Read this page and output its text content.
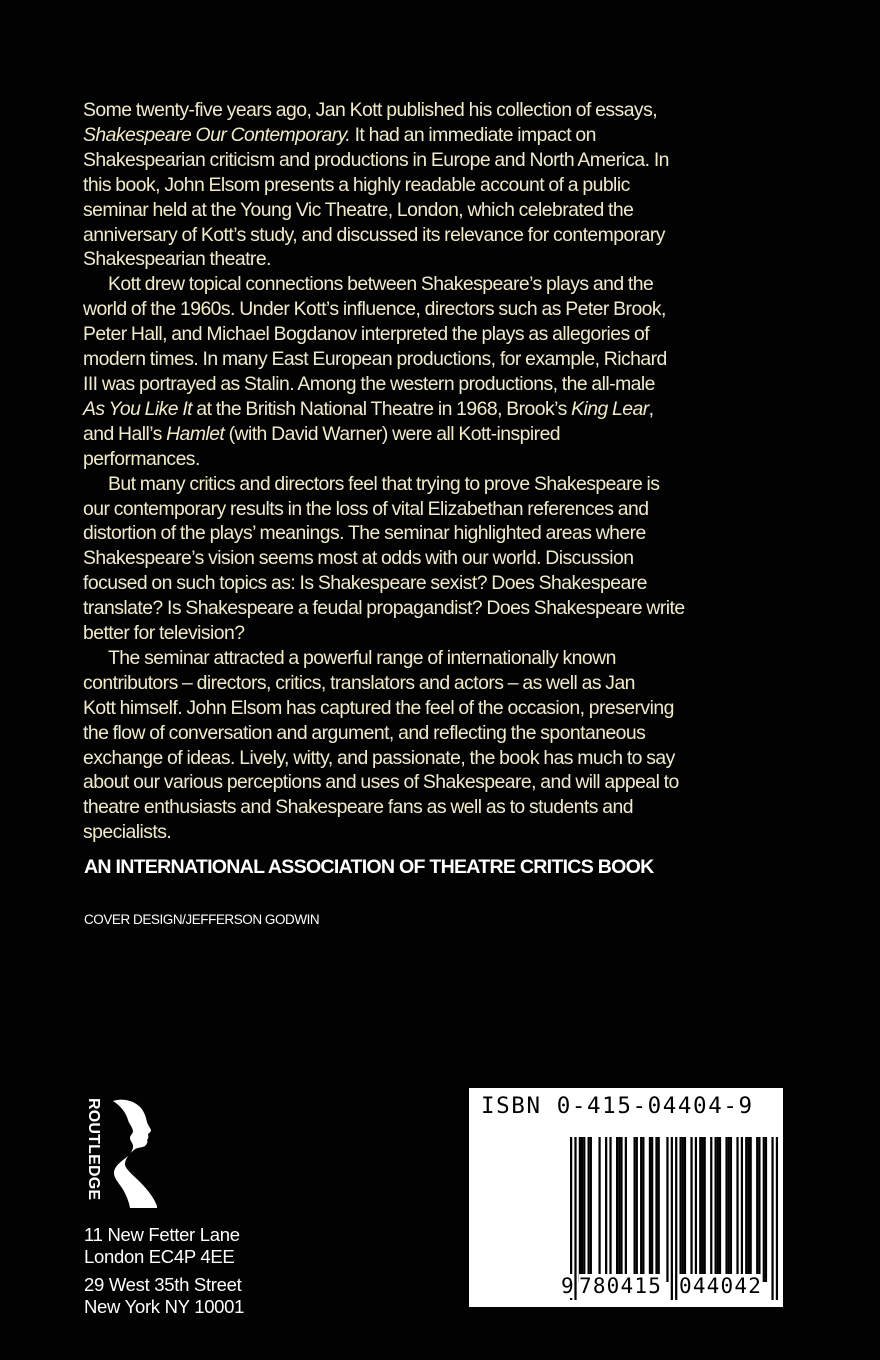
Some twenty-five years ago, Jan Kott published his collection of essays,
Shakespeare Our Contemporary. It had an immediate impact on
Shakespearian criticism and productions in Europe and North America. In
this book, John Elsom presents a highly readable account of a public
seminar held at the Young Vic Theatre, London, which celebrated the
anniversary of Kott’s study, and discussed its relevance for contemporary
Shakespearian theatre.

Kott drew topical connections between Shakespeare’s plays and the
world of the 1960s. Under Kott’s influence, directors such as Peter Brook,
Peter Hall, and Michael Bogdanov interpreted the plays as allegories of
modern times. In many East European productions, for example, Richard
III was portrayed as Stalin. Among the western productions, the all-male
As You Like It at the British National Theatre in 1968, Brook’s King Lear,
and Hall’s Hamlet (with David Warner) were all Kott-inspired
performances.

But many critics and directors feel that trying to prove Shakespeare is
our contemporary results in the loss of vital Elizabethan references and
distortion of the plays’ meanings. The seminar highlighted areas where
Shakespeare’s vision seems most at odds with our world. Discussion
focused on such topics as: Is Shakespeare sexist? Does Shakespeare
translate? Is Shakespeare a feudal propagandist? Does Shakespeare write
better for television?

The seminar attracted a powerful range of internationally known
contributors – directors, critics, translators and actors – as well as Jan
Kott himself. John Elsom has captured the feel of the occasion, preserving
the flow of conversation and argument, and reflecting the spontaneous
exchange of ideas. Lively, witty, and passionate, the book has much to say
about our various perceptions and uses of Shakespeare, and will appeal to
theatre enthusiasts and Shakespeare fans as well as to students and
specialists.

AN INTERNATIONAL ASSOCIATION OF THEATRE CRITICS BOOK
COVER DESIGN/JEFFERSON GODWIN
ROUTLEDGE
11 New Fetter Lane
London EC4P 4EE
29 West 35th Street
New York NY 10001
ISBN 0-415-04404-9
9 780415 044042
